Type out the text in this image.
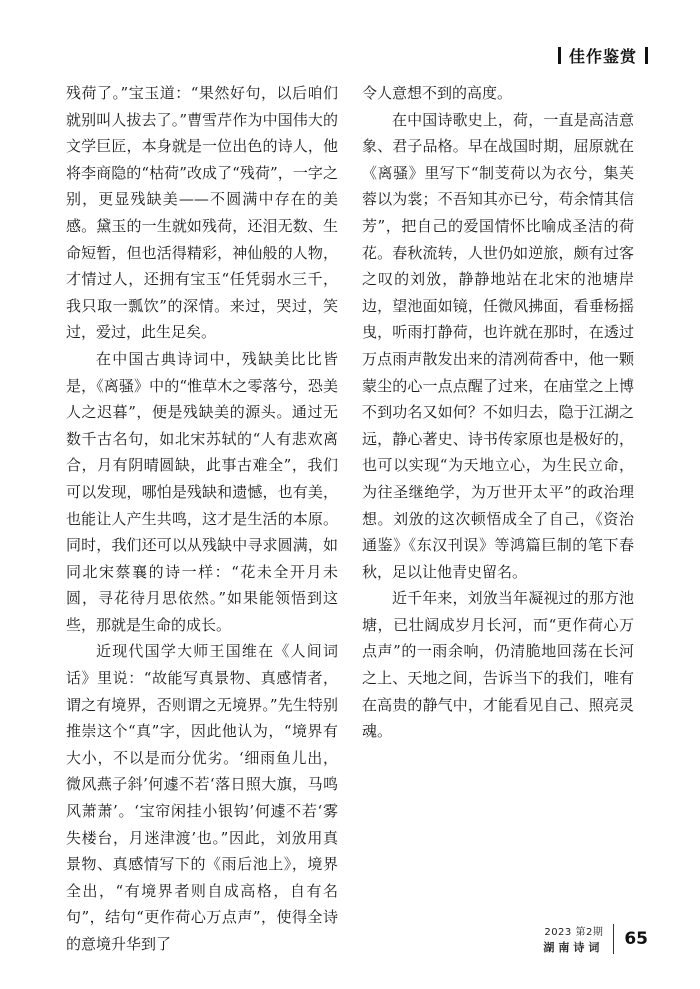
佳作鉴赏

残荷了。”宝玉道：“果然好句，以后咱们就别叫人拔去了。”曹雪芹作为中国伟大的文学巨匠，本身就是一位出色的诗人，他将李商隐的“枯荷”改成了“残荷”，一字之别，更显残缺美——不圆满中存在的美感。黛玉的一生就如残荷，还泪无数、生命短暂，但也活得精彩，神仙般的人物，才情过人，还拥有宝玉“任凭弱水三千，我只取一瓢饮”的深情。来过，哭过，笑过，爱过，此生足矣。

在中国古典诗词中，残缺美比比皆是，《离骚》中的“惟草木之零落兮，恐美人之迟暮”，便是残缺美的源头。通过无数千古名句，如北宋苏轼的“人有悲欢离合，月有阴晴圆缺，此事古难全”，我们可以发现，哪怕是残缺和遗憾，也有美，也能让人产生共鸣，这才是生活的本原。同时，我们还可以从残缺中寻求圆满，如同北宋蔡襄的诗一样：“花未全开月未圆，寻花待月思依然。”如果能领悟到这些，那就是生命的成长。

近现代国学大师王国维在《人间词话》里说：“故能写真景物、真感情者，谓之有境界，否则谓之无境界。”先生特别推崇这个“真”字，因此他认为，“境界有大小，不以是而分优劣。‘细雨鱼儿出，微风燕子斜’何遽不若‘落日照大旗，马鸣风萧萧’。‘宝帘闲挂小银钩’何遽不若‘雾失楼台，月迷津渡’也。”因此，刘攽用真景物、真感情写下的《雨后池上》，境界全出，“有境界者则自成高格，自有名句”，结句“更作荷心万点声”，使得全诗的意境升华到了

令人意想不到的高度。

在中国诗歌史上，荷，一直是高洁意象、君子品格。早在战国时期，屈原就在《离骚》里写下“制芰荷以为衣兮，集芙蓉以为裳；不吾知其亦已兮，苟余情其信芳”，把自己的爱国情怀比喻成圣洁的荷花。春秋流转，人世仍如逆旅，颇有过客之叹的刘攽，静静地站在北宋的池塘岸边，望池面如镜，任微风拂面，看垂杨摇曳，听雨打静荷，也许就在那时，在透过万点雨声散发出来的清冽荷香中，他一颗蒙尘的心一点点醒了过来，在庙堂之上博不到功名又如何？不如归去，隐于江湖之远，静心著史、诗书传家原也是极好的，也可以实现“为天地立心，为生民立命，为往圣继绝学，为万世开太平”的政治理想。刘攽的这次顿悟成全了自己，《资治通鉴》《东汉刊误》等鸿篇巨制的笔下春秋，足以让他青史留名。

近千年来，刘攽当年凝视过的那方池塘，已壮阔成岁月长河，而“更作荷心万点声”的一雨余响，仍清脆地回荡在长河之上、天地之间，告诉当下的我们，唯有在高贵的静气中，才能看见自己、照亮灵魂。

2023 第2期
湖南诗词 65
